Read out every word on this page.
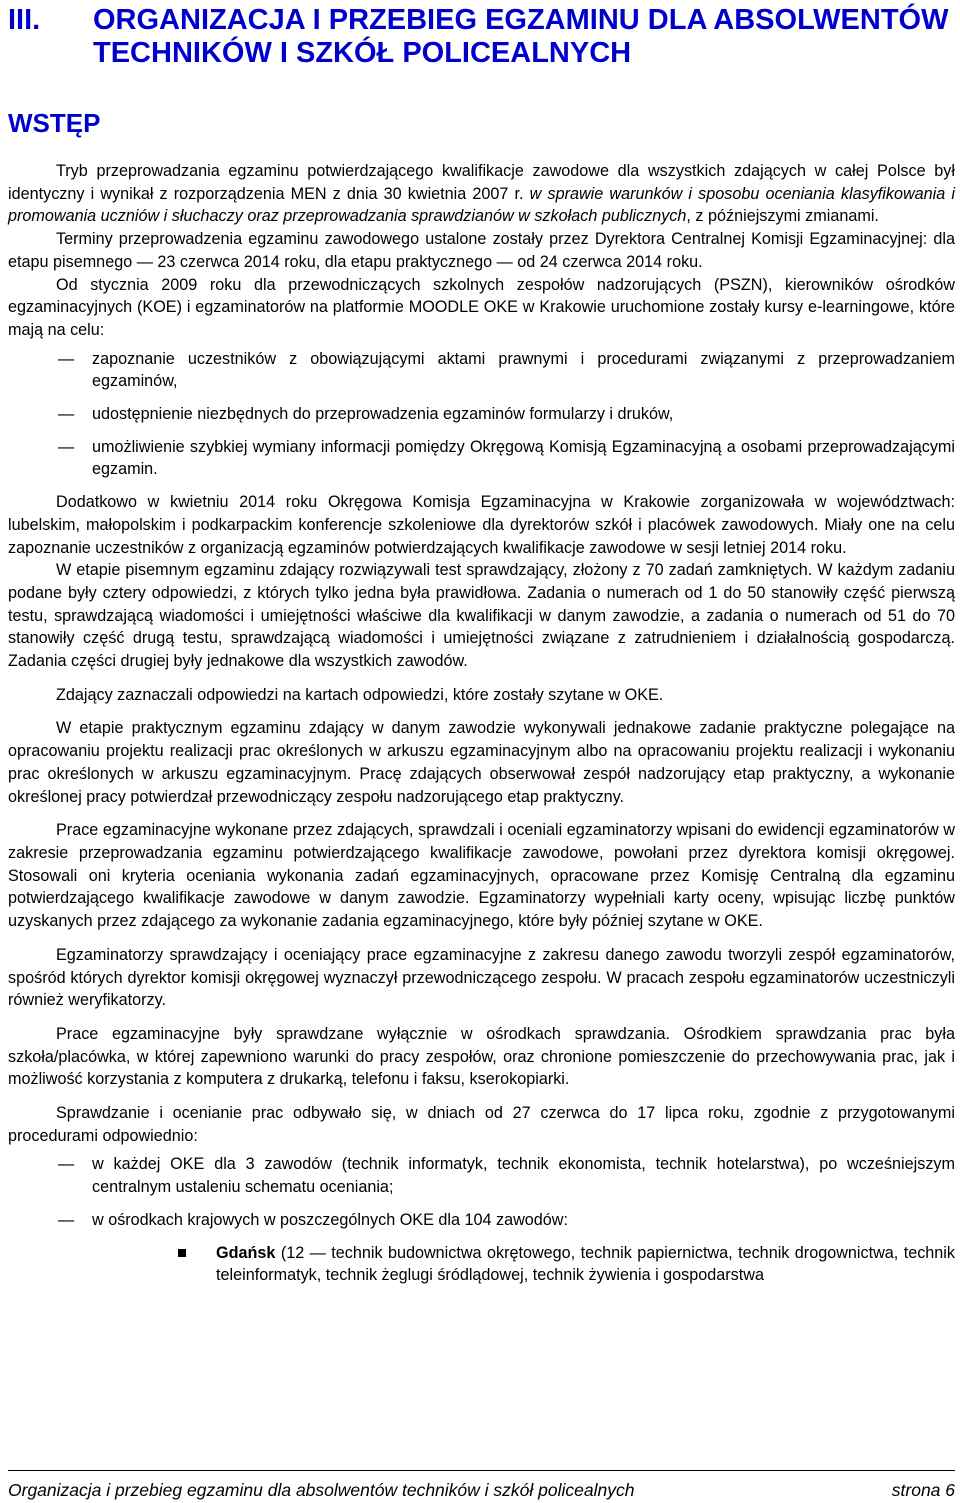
III. ORGANIZACJA I PRZEBIEG EGZAMINU DLA ABSOLWENTÓW TECHNIKÓW I SZKÓŁ POLICEALNYCH
WSTĘP

Tryb przeprowadzania egzaminu potwierdzającego kwalifikacje zawodowe dla wszystkich zdających w całej Polsce był identyczny i wynikał z rozporządzenia MEN z dnia 30 kwietnia 2007 r. w sprawie warunków i sposobu oceniania klasyfikowania i promowania uczniów i słuchaczy oraz przeprowadzania sprawdzianów w szkołach publicznych, z późniejszymi zmianami.

Terminy przeprowadzenia egzaminu zawodowego ustalone zostały przez Dyrektora Centralnej Komisji Egzaminacyjnej: dla etapu pisemnego — 23 czerwca 2014 roku, dla etapu praktycznego — od 24 czerwca 2014 roku.

Od stycznia 2009 roku dla przewodniczących szkolnych zespołów nadzorujących (PSZN), kierowników ośrodków egzaminacyjnych (KOE) i egzaminatorów na platformie MOODLE OKE w Krakowie uruchomione zostały kursy e-learningowe, które mają na celu:

— zapoznanie uczestników z obowiązującymi aktami prawnymi i procedurami związanymi z przeprowadzaniem egzaminów,
— udostępnienie niezbędnych do przeprowadzenia egzaminów formularzy i druków,
— umożliwienie szybkiej wymiany informacji pomiędzy Okręgową Komisją Egzaminacyjną a osobami przeprowadzającymi egzamin.

Dodatkowo w kwietniu 2014 roku Okręgowa Komisja Egzaminacyjna w Krakowie zorganizowała w województwach: lubelskim, małopolskim i podkarpackim konferencje szkoleniowe dla dyrektorów szkół i placówek zawodowych. Miały one na celu zapoznanie uczestników z organizacją egzaminów potwierdzających kwalifikacje zawodowe w sesji letniej 2014 roku.

W etapie pisemnym egzaminu zdający rozwiązywali test sprawdzający, złożony z 70 zadań zamkniętych. W każdym zadaniu podane były cztery odpowiedzi, z których tylko jedna była prawidłowa. Zadania o numerach od 1 do 50 stanowiły część pierwszą testu, sprawdzającą wiadomości i umiejętności właściwe dla kwalifikacji w danym zawodzie, a zadania o numerach od 51 do 70 stanowiły część drugą testu, sprawdzającą wiadomości i umiejętności związane z zatrudnieniem i działalnością gospodarczą. Zadania części drugiej były jednakowe dla wszystkich zawodów.

Zdający zaznaczali odpowiedzi na kartach odpowiedzi, które zostały szytane w OKE.

W etapie praktycznym egzaminu zdający w danym zawodzie wykonywali jednakowe zadanie praktyczne polegające na opracowaniu projektu realizacji prac określonych w arkuszu egzaminacyjnym albo na opracowaniu projektu realizacji i wykonaniu prac określonych w arkuszu egzaminacyjnym. Pracę zdających obserwował zespół nadzorujący etap praktyczny, a wykonanie określonej pracy potwierdzał przewodniczący zespołu nadzorującego etap praktyczny.

Prace egzaminacyjne wykonane przez zdających, sprawdzali i oceniali egzaminatorzy wpisani do ewidencji egzaminatorów w zakresie przeprowadzania egzaminu potwierdzającego kwalifikacje zawodowe, powołani przez dyrektora komisji okręgowej. Stosowali oni kryteria oceniania wykonania zadań egzaminacyjnych, opracowane przez Komisję Centralną dla egzaminu potwierdzającego kwalifikacje zawodowe w danym zawodzie. Egzaminatorzy wypełniali karty oceny, wpisując liczbę punktów uzyskanych przez zdającego za wykonanie zadania egzaminacyjnego, które były później szytane w OKE.

Egzaminatorzy sprawdzający i oceniający prace egzaminacyjne z zakresu danego zawodu tworzyli zespół egzaminatorów, spośród których dyrektor komisji okręgowej wyznaczył przewodniczącego zespołu. W pracach zespołu egzaminatorów uczestniczyli również weryfikatorzy.

Prace egzaminacyjne były sprawdzane wyłącznie w ośrodkach sprawdzania. Ośrodkiem sprawdzania prac była szkoła/placówka, w której zapewniono warunki do pracy zespołów, oraz chronione pomieszczenie do przechowywania prac, jak i możliwość korzystania z komputera z drukarką, telefonu i faksu, kserokopiarki.

Sprawdzanie i ocenianie prac odbywało się, w dniach od 27 czerwca do 17 lipca roku, zgodnie z przygotowanymi procedurami odpowiednio:

— w każdej OKE dla 3 zawodów (technik informatyk, technik ekonomista, technik hotelarstwa), po wcześniejszym centralnym ustaleniu schematu oceniania;
— w ośrodkach krajowych w poszczególnych OKE dla 104 zawodów:
Gdańsk (12 — technik budownictwa okrętowego, technik papiernictwa, technik drogownictwa, technik teleinformatyk, technik żeglugi śródlądowej, technik żywienia i gospodarstwa
Organizacja i przebieg egzaminu dla absolwentów techników i szkół policealnych	strona 6
